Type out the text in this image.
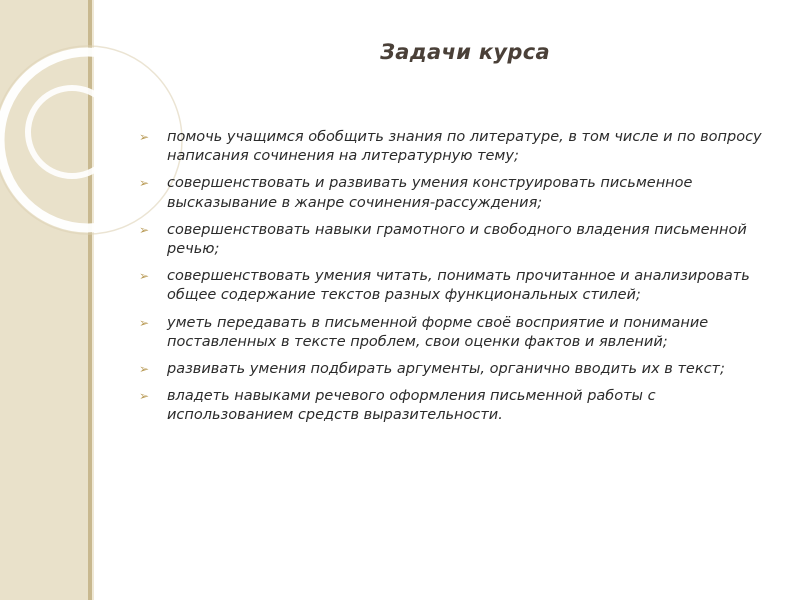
Задачи курса
➢ помочь учащимся обобщить знания по литературе, в том числе и по вопросу написания сочинения на литературную тему;
➢ совершенствовать и развивать умения конструировать письменное высказывание в жанре сочинения-рассуждения;
➢ совершенствовать навыки грамотного и свободного владения письменной речью;
➢ совершенствовать умения читать, понимать прочитанное и анализировать общее содержание текстов разных функциональных стилей;
➢ уметь передавать в письменной форме своё восприятие и понимание поставленных в тексте проблем, свои оценки фактов и явлений;
➢ развивать умения подбирать аргументы, органично вводить их в текст;
➢ владеть навыками речевого оформления письменной работы с использованием средств выразительности.
